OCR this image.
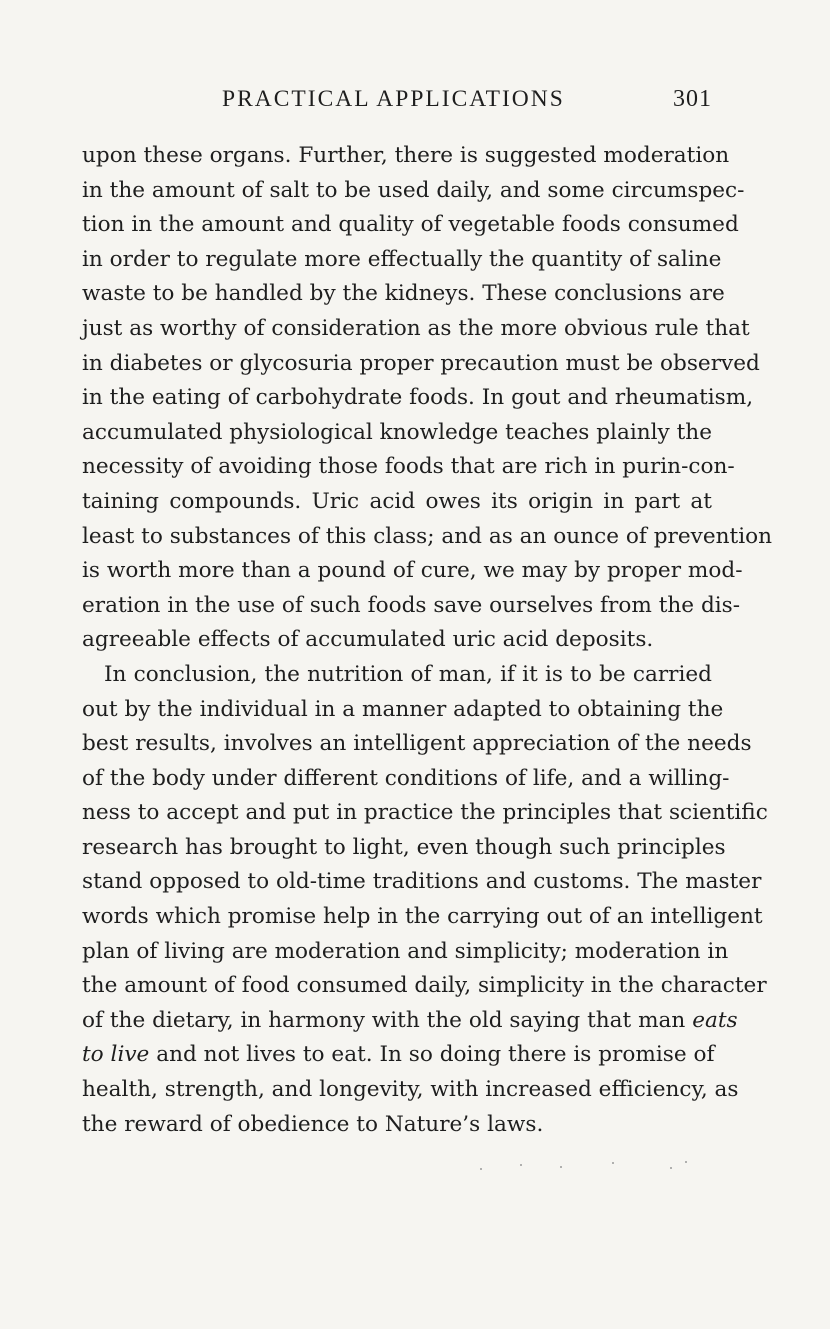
PRACTICAL APPLICATIONS	301
upon these organs. Further, there is suggested moderation
in the amount of salt to be used daily, and some circumspec-
tion in the amount and quality of vegetable foods consumed
in order to regulate more effectually the quantity of saline
waste to be handled by the kidneys. These conclusions are
just as worthy of consideration as the more obvious rule that
in diabetes or glycosuria proper precaution must be observed
in the eating of carbohydrate foods. In gout and rheumatism,
accumulated physiological knowledge teaches plainly the
necessity of avoiding those foods that are rich in purin-con-
taining compounds. Uric acid owes its origin in part at
least to substances of this class; and as an ounce of prevention
is worth more than a pound of cure, we may by proper mod-
eration in the use of such foods save ourselves from the dis-
agreeable effects of accumulated uric acid deposits.
In conclusion, the nutrition of man, if it is to be carried
out by the individual in a manner adapted to obtaining the
best results, involves an intelligent appreciation of the needs
of the body under different conditions of life, and a willing-
ness to accept and put in practice the principles that scientific
research has brought to light, even though such principles
stand opposed to old-time traditions and customs. The master
words which promise help in the carrying out of an intelligent
plan of living are moderation and simplicity; moderation in
the amount of food consumed daily, simplicity in the character
of the dietary, in harmony with the old saying that man eats
to live and not lives to eat. In so doing there is promise of
health, strength, and longevity, with increased efficiency, as
the reward of obedience to Nature’s laws.
